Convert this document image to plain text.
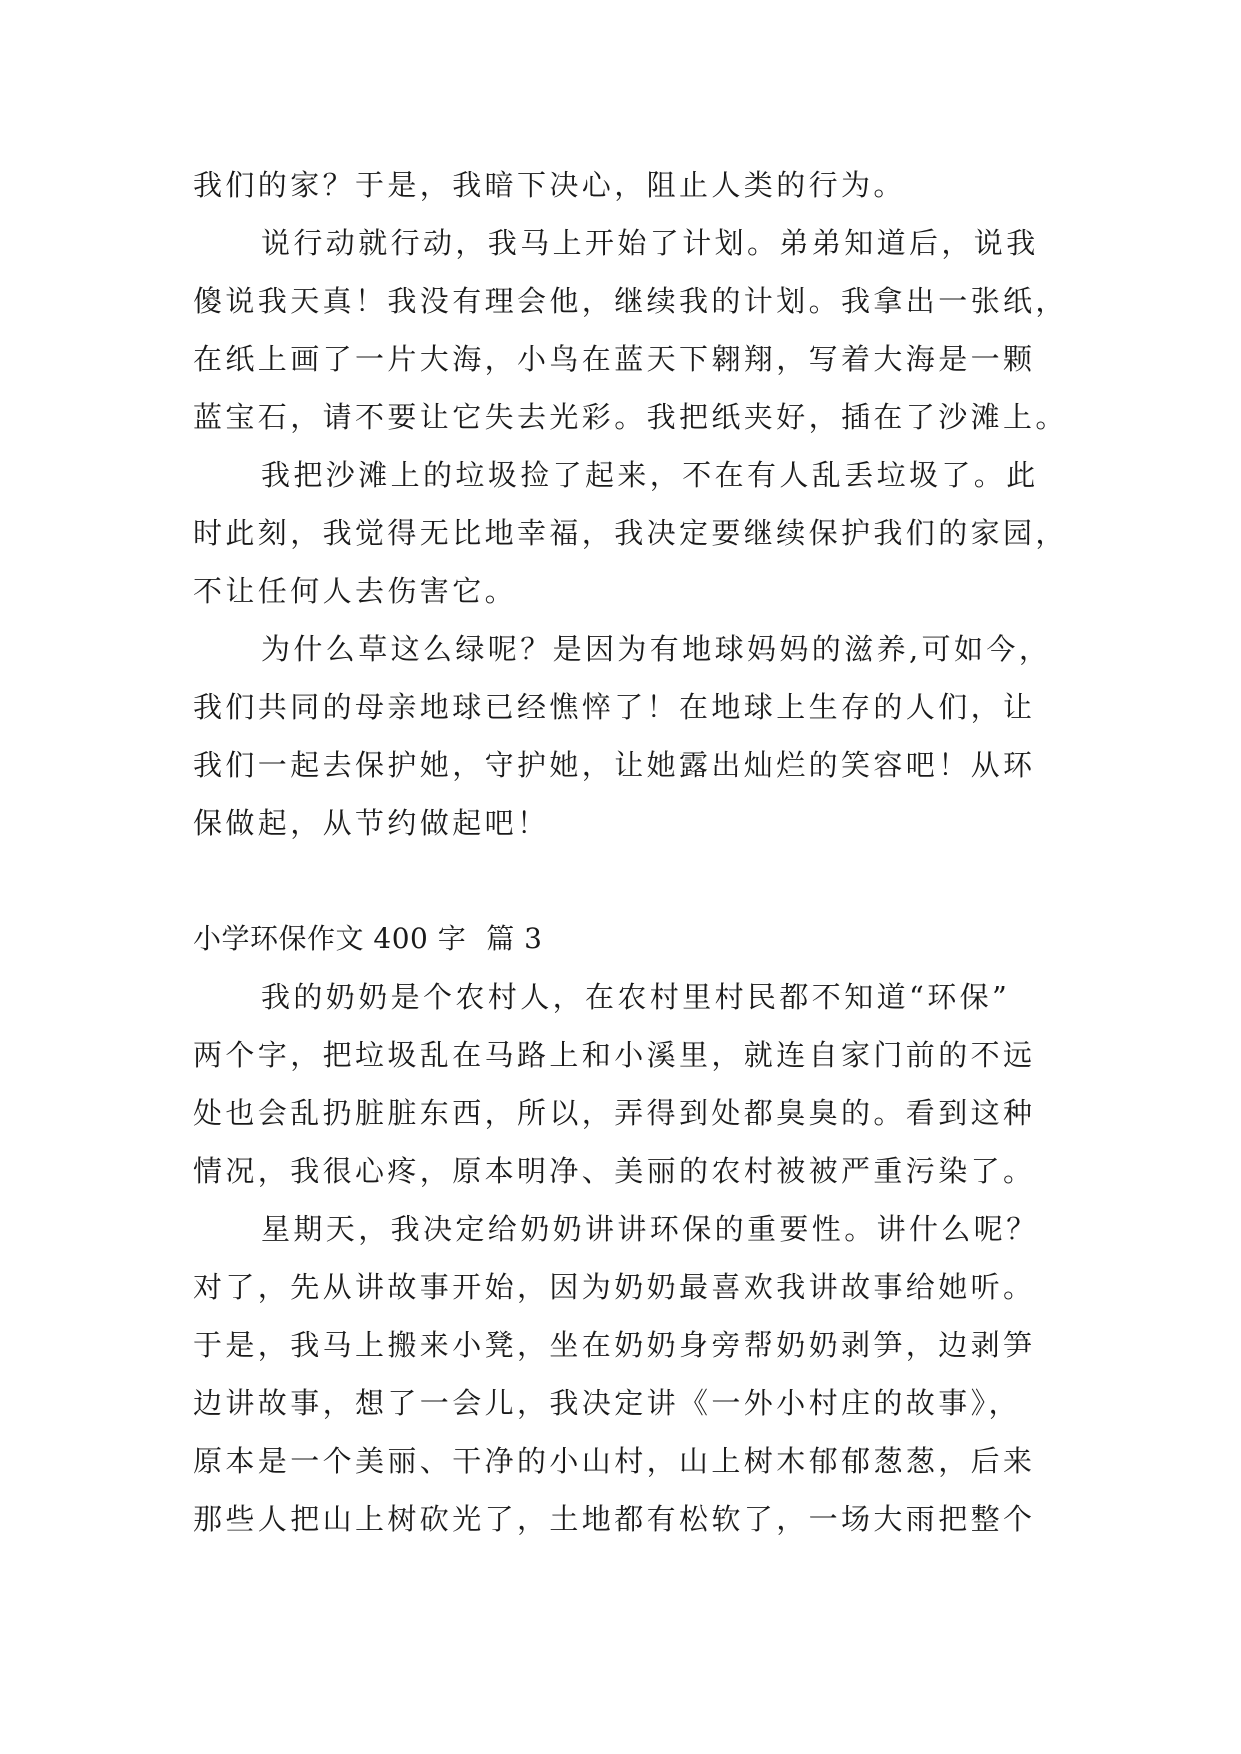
我们的家？于是，我暗下决心，阻止人类的行为。
说行动就行动，我马上开始了计划。弟弟知道后，说我
傻说我天真！我没有理会他，继续我的计划。我拿出一张纸，
在纸上画了一片大海，小鸟在蓝天下翱翔，写着大海是一颗
蓝宝石，请不要让它失去光彩。我把纸夹好，插在了沙滩上。
我把沙滩上的垃圾捡了起来，不在有人乱丢垃圾了。此
时此刻，我觉得无比地幸福，我决定要继续保护我们的家园，
不让任何人去伤害它。
为什么草这么绿呢？是因为有地球妈妈的滋养,可如今，
我们共同的母亲地球已经憔悴了！在地球上生存的人们，让
我们一起去保护她，守护她，让她露出灿烂的笑容吧！从环
保做起，从节约做起吧！
小学环保作文 400 字 篇 3
我的奶奶是个农村人，在农村里村民都不知道“环保”
两个字，把垃圾乱在马路上和小溪里，就连自家门前的不远
处也会乱扔脏脏东西，所以，弄得到处都臭臭的。看到这种
情况，我很心疼，原本明净、美丽的农村被被严重污染了。
星期天，我决定给奶奶讲讲环保的重要性。讲什么呢？
对了，先从讲故事开始，因为奶奶最喜欢我讲故事给她听。
于是，我马上搬来小凳，坐在奶奶身旁帮奶奶剥笋，边剥笋
边讲故事，想了一会儿，我决定讲《一外小村庄的故事》，
原本是一个美丽、干净的小山村，山上树木郁郁葱葱，后来
那些人把山上树砍光了，土地都有松软了，一场大雨把整个
